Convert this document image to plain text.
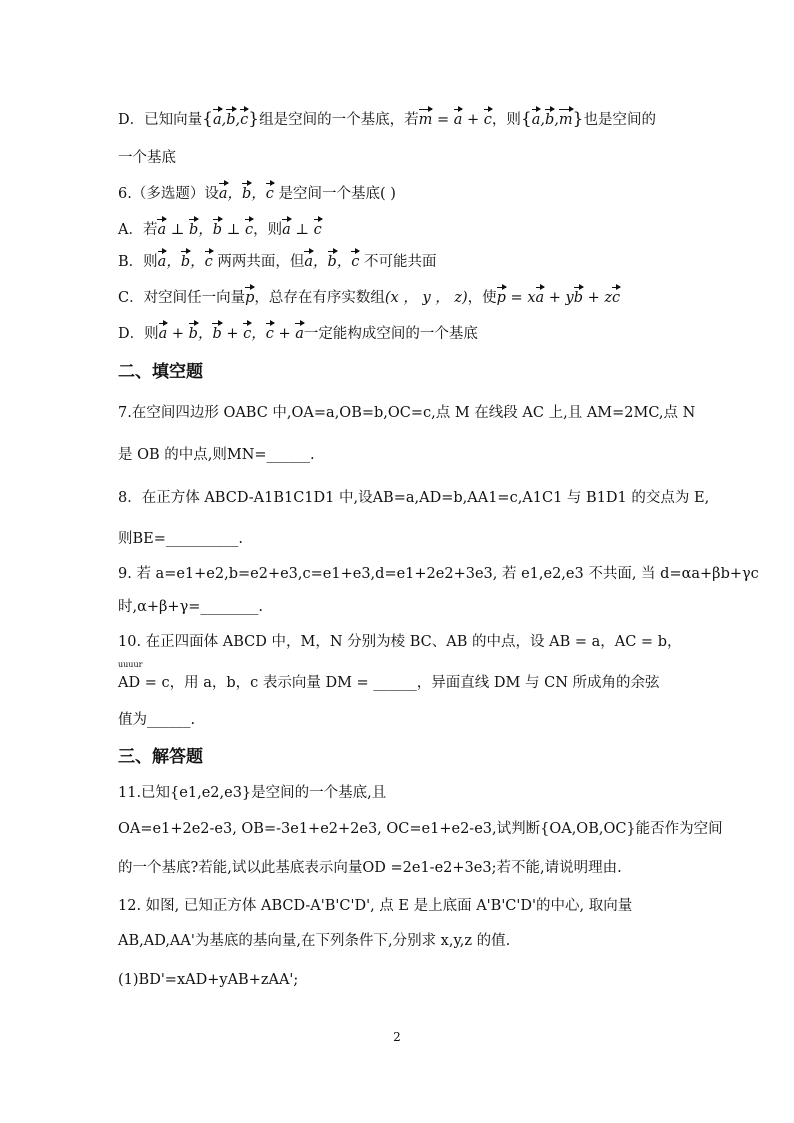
D．已知向量{a,b,c}组是空间的一个基底，若m = a + c，则{a,b,m}也是空间的
一个基底
6.（多选题）设a，b，c 是空间一个基底( )
A．若a ⊥ b，b ⊥ c，则a ⊥ c
B．则a，b，c 两两共面，但a，b，c 不可能共面
C．对空间任一向量p，总存在有序实数组(x ， y ， z)，使p = xa + yb + zc
D．则a + b，b + c，c + a一定能构成空间的一个基底
二、填空题
7.在空间四边形 OABC 中,OA=a,OB=b,OC=c,点 M 在线段 AC 上,且 AM=2MC,点 N
是 OB 的中点,则MN=______.
8．在正方体 ABCD-A1B1C1D1 中,设AB=a,AD=b,AA1=c,A1C1 与 B1D1 的交点为 E,
则BE=__________.
9. 若 a=e1+e2,b=e2+e3,c=e1+e3,d=e1+2e2+3e3, 若 e1,e2,e3 不共面, 当 d=αa+βb+γc
时,α+β+γ=________.
10. 在正四面体 ABCD 中，M，N 分别为棱 BC、AB 的中点，设 AB = a，AC = b，
uuuur
AD = c，用 a，b，c 表示向量 DM = ______，异面直线 DM 与 CN 所成角的余弦
值为______.
三、解答题
11.已知{e1,e2,e3}是空间的一个基底,且
OA=e1+2e2-e3, OB=-3e1+e2+2e3, OC=e1+e2-e3,试判断{OA,OB,OC}能否作为空间
的一个基底?若能,试以此基底表示向量OD =2e1-e2+3e3;若不能,请说明理由.
12. 如图, 已知正方体 ABCD-A'B'C'D', 点 E 是上底面 A'B'C'D'的中心, 取向量
AB,AD,AA'为基底的基向量,在下列条件下,分别求 x,y,z 的值.
(1)BD'=xAD+yAB+zAA';
2
